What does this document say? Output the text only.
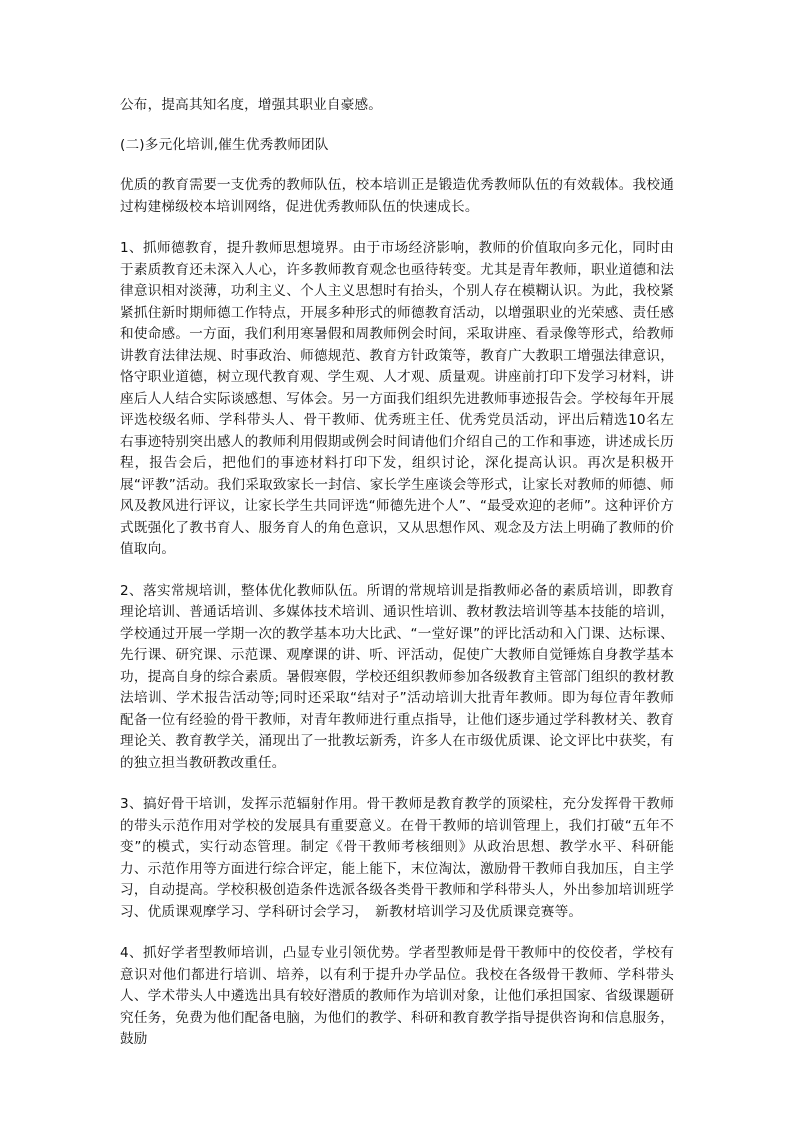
公布，提高其知名度，增强其职业自豪感。

(二)多元化培训,催生优秀教师团队

优质的教育需要一支优秀的教师队伍，校本培训正是锻造优秀教师队伍的有效载体。我校通过构建梯级校本培训网络，促进优秀教师队伍的快速成长。

1、抓师德教育，提升教师思想境界。由于市场经济影响，教师的价值取向多元化，同时由于素质教育还未深入人心，许多教师教育观念也亟待转变。尤其是青年教师，职业道德和法律意识相对淡薄，功利主义、个人主义思想时有抬头，个别人存在模糊认识。为此，我校紧紧抓住新时期师德工作特点，开展多种形式的师德教育活动，以增强职业的光荣感、责任感和使命感。一方面，我们利用寒暑假和周教师例会时间，采取讲座、看录像等形式，给教师讲教育法律法规、时事政治、师德规范、教育方针政策等，教育广大教职工增强法律意识，恪守职业道德，树立现代教育观、学生观、人才观、质量观。讲座前打印下发学习材料，讲座后人人结合实际谈感想、写体会。另一方面我们组织先进教师事迹报告会。学校每年开展评选校级名师、学科带头人、骨干教师、优秀班主任、优秀党员活动，评出后精选10名左右事迹特别突出感人的教师利用假期或例会时间请他们介绍自己的工作和事迹，讲述成长历程，报告会后，把他们的事迹材料打印下发，组织讨论，深化提高认识。再次是积极开展“评教”活动。我们采取致家长一封信、家长学生座谈会等形式，让家长对教师的师德、师风及教风进行评议，让家长学生共同评选“师德先进个人”、“最受欢迎的老师”。这种评价方式既强化了教书育人、服务育人的角色意识，又从思想作风、观念及方法上明确了教师的价值取向。

2、落实常规培训，整体优化教师队伍。所谓的常规培训是指教师必备的素质培训，即教育理论培训、普通话培训、多媒体技术培训、通识性培训、教材教法培训等基本技能的培训，学校通过开展一学期一次的教学基本功大比武、“一堂好课”的评比活动和入门课、达标课、先行课、研究课、示范课、观摩课的讲、听、评活动，促使广大教师自觉锤炼自身教学基本功，提高自身的综合素质。暑假寒假，学校还组织教师参加各级教育主管部门组织的教材教法培训、学术报告活动等;同时还采取“结对子”活动培训大批青年教师。即为每位青年教师配备一位有经验的骨干教师，对青年教师进行重点指导，让他们逐步通过学科教材关、教育理论关、教育教学关，涌现出了一批教坛新秀，许多人在市级优质课、论文评比中获奖，有的独立担当教研教改重任。

3、搞好骨干培训，发挥示范辐射作用。骨干教师是教育教学的顶梁柱，充分发挥骨干教师的带头示范作用对学校的发展具有重要意义。在骨干教师的培训管理上，我们打破“五年不变”的模式，实行动态管理。制定《骨干教师考核细则》从政治思想、教学水平、科研能力、示范作用等方面进行综合评定，能上能下，末位淘汰，激励骨干教师自我加压，自主学习，自动提高。学校积极创造条件选派各级各类骨干教师和学科带头人，外出参加培训班学习、优质课观摩学习、学科研讨会学习，　新教材培训学习及优质课竞赛等。

4、抓好学者型教师培训，凸显专业引领优势。学者型教师是骨干教师中的佼佼者，学校有意识对他们都进行培训、培养，以有利于提升办学品位。我校在各级骨干教师、学科带头人、学术带头人中遴选出具有较好潜质的教师作为培训对象，让他们承担国家、省级课题研究任务，免费为他们配备电脑，为他们的教学、科研和教育教学指导提供咨询和信息服务，鼓励
